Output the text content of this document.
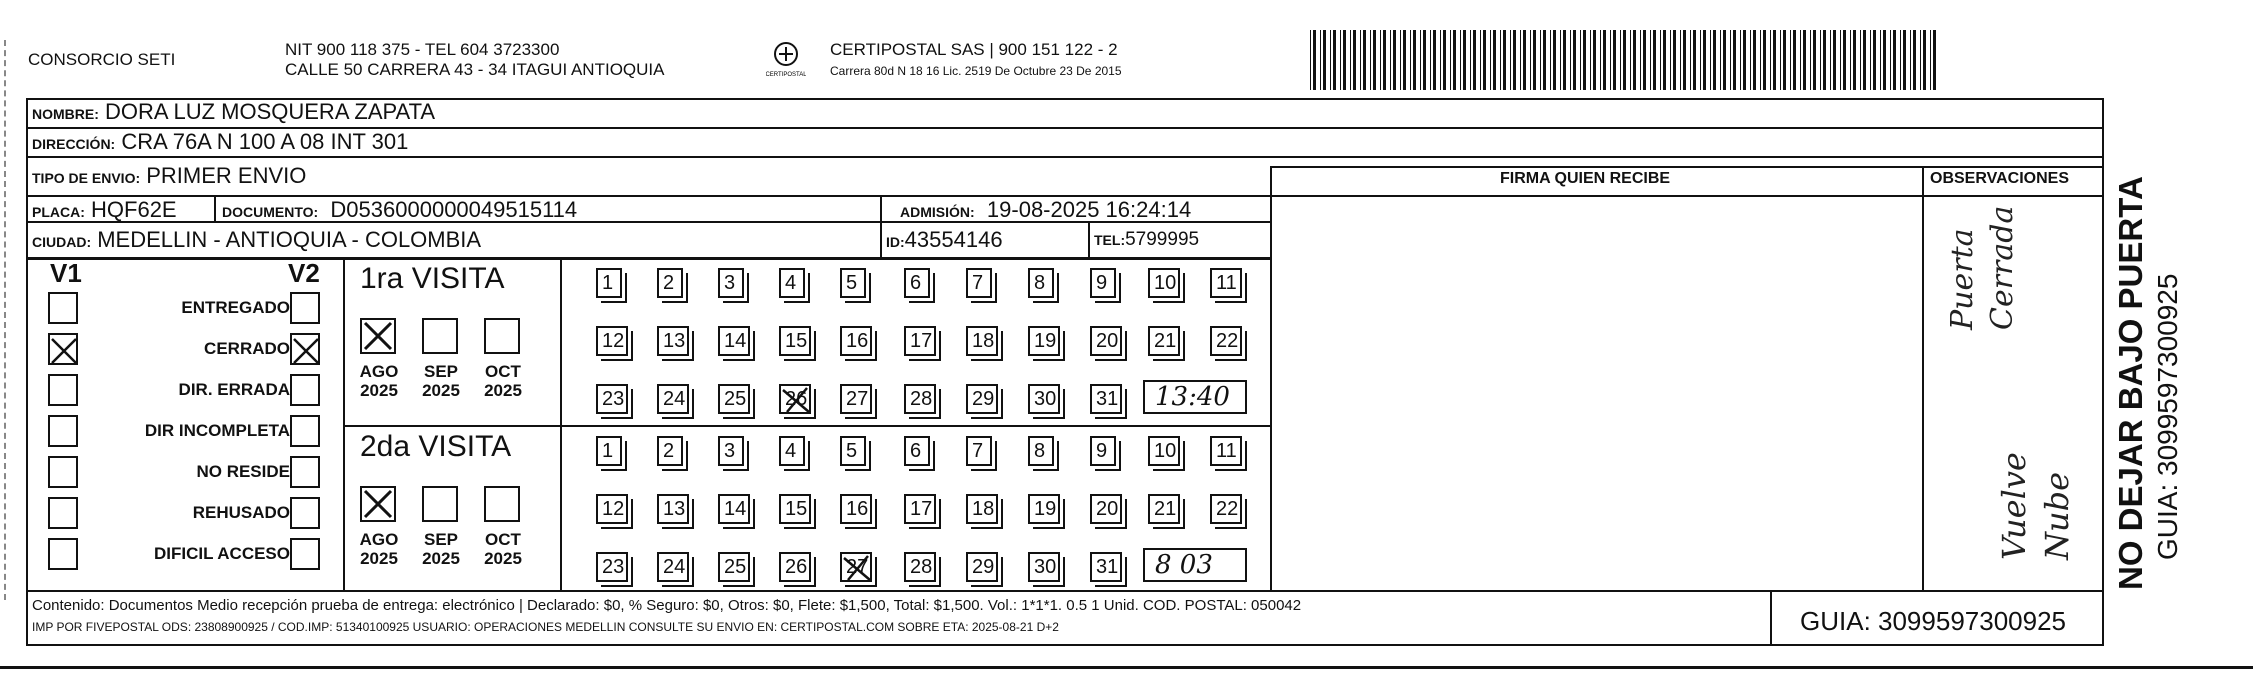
CONSORCIO SETI
NIT 900 118 375 - TEL 604 3723300
CALLE 50 CARRERA 43 - 34 ITAGUI ANTIOQUIA	CERTIPOSTAL
CERTIPOSTAL SAS | 900 151 122 - 2
Carrera 80d N 18 16 Lic. 2519 De Octubre 23 De 2015
NOMBRE: DORA LUZ MOSQUERA ZAPATA
DIRECCIÓN: CRA 76A N 100 A 08 INT 301
TIPO DE ENVIO: PRIMER ENVIO
PLACA: HQF62E	DOCUMENTO: D0536000000049515114	ADMISIÓN: 19-08-2025 16:24:14
CIUDAD: MEDELLIN - ANTIOQUIA - COLOMBIA	ID:43554146	TEL:5799995
FIRMA QUIEN RECIBE	OBSERVACIONES
V1	V2
ENTREGADO
CERRADO
DIR. ERRADA
DIR INCOMPLETA
NO RESIDE
REHUSADO
DIFICIL ACCESO
1ra VISITA
AGO
2025
SEP
2025
OCT
2025
1	2	3	4	5	6	7	8	9	10	11
12	13	14	15	16	17	18	19	20	21	22
23	24	25	26	27	28	29	30	31	13:40
2da VISITA
AGO
2025
SEP
2025
OCT
2025
1	2	3	4	5	6	7	8	9	10	11
12	13	14	15	16	17	18	19	20	21	22
23	24	25	26	27	28	29	30	31	8 03
Puerta Cerrada
Vuelve Nube NO DEJAR BAJO PUERTA GUIA: 3099597300925
Contenido: Documentos Medio recepción prueba de entrega: electrónico | Declarado: $0, % Seguro: $0, Otros: $0, Flete: $1,500, Total: $1,500. Vol.: 1*1*1. 0.5 1 Unid. COD. POSTAL: 050042
IMP POR FIVEPOSTAL ODS: 23808900925 / COD.IMP: 51340100925 USUARIO: OPERACIONES MEDELLIN CONSULTE SU ENVIO EN: CERTIPOSTAL.COM SOBRE ETA: 2025-08-21 D+2	GUIA: 3099597300925
